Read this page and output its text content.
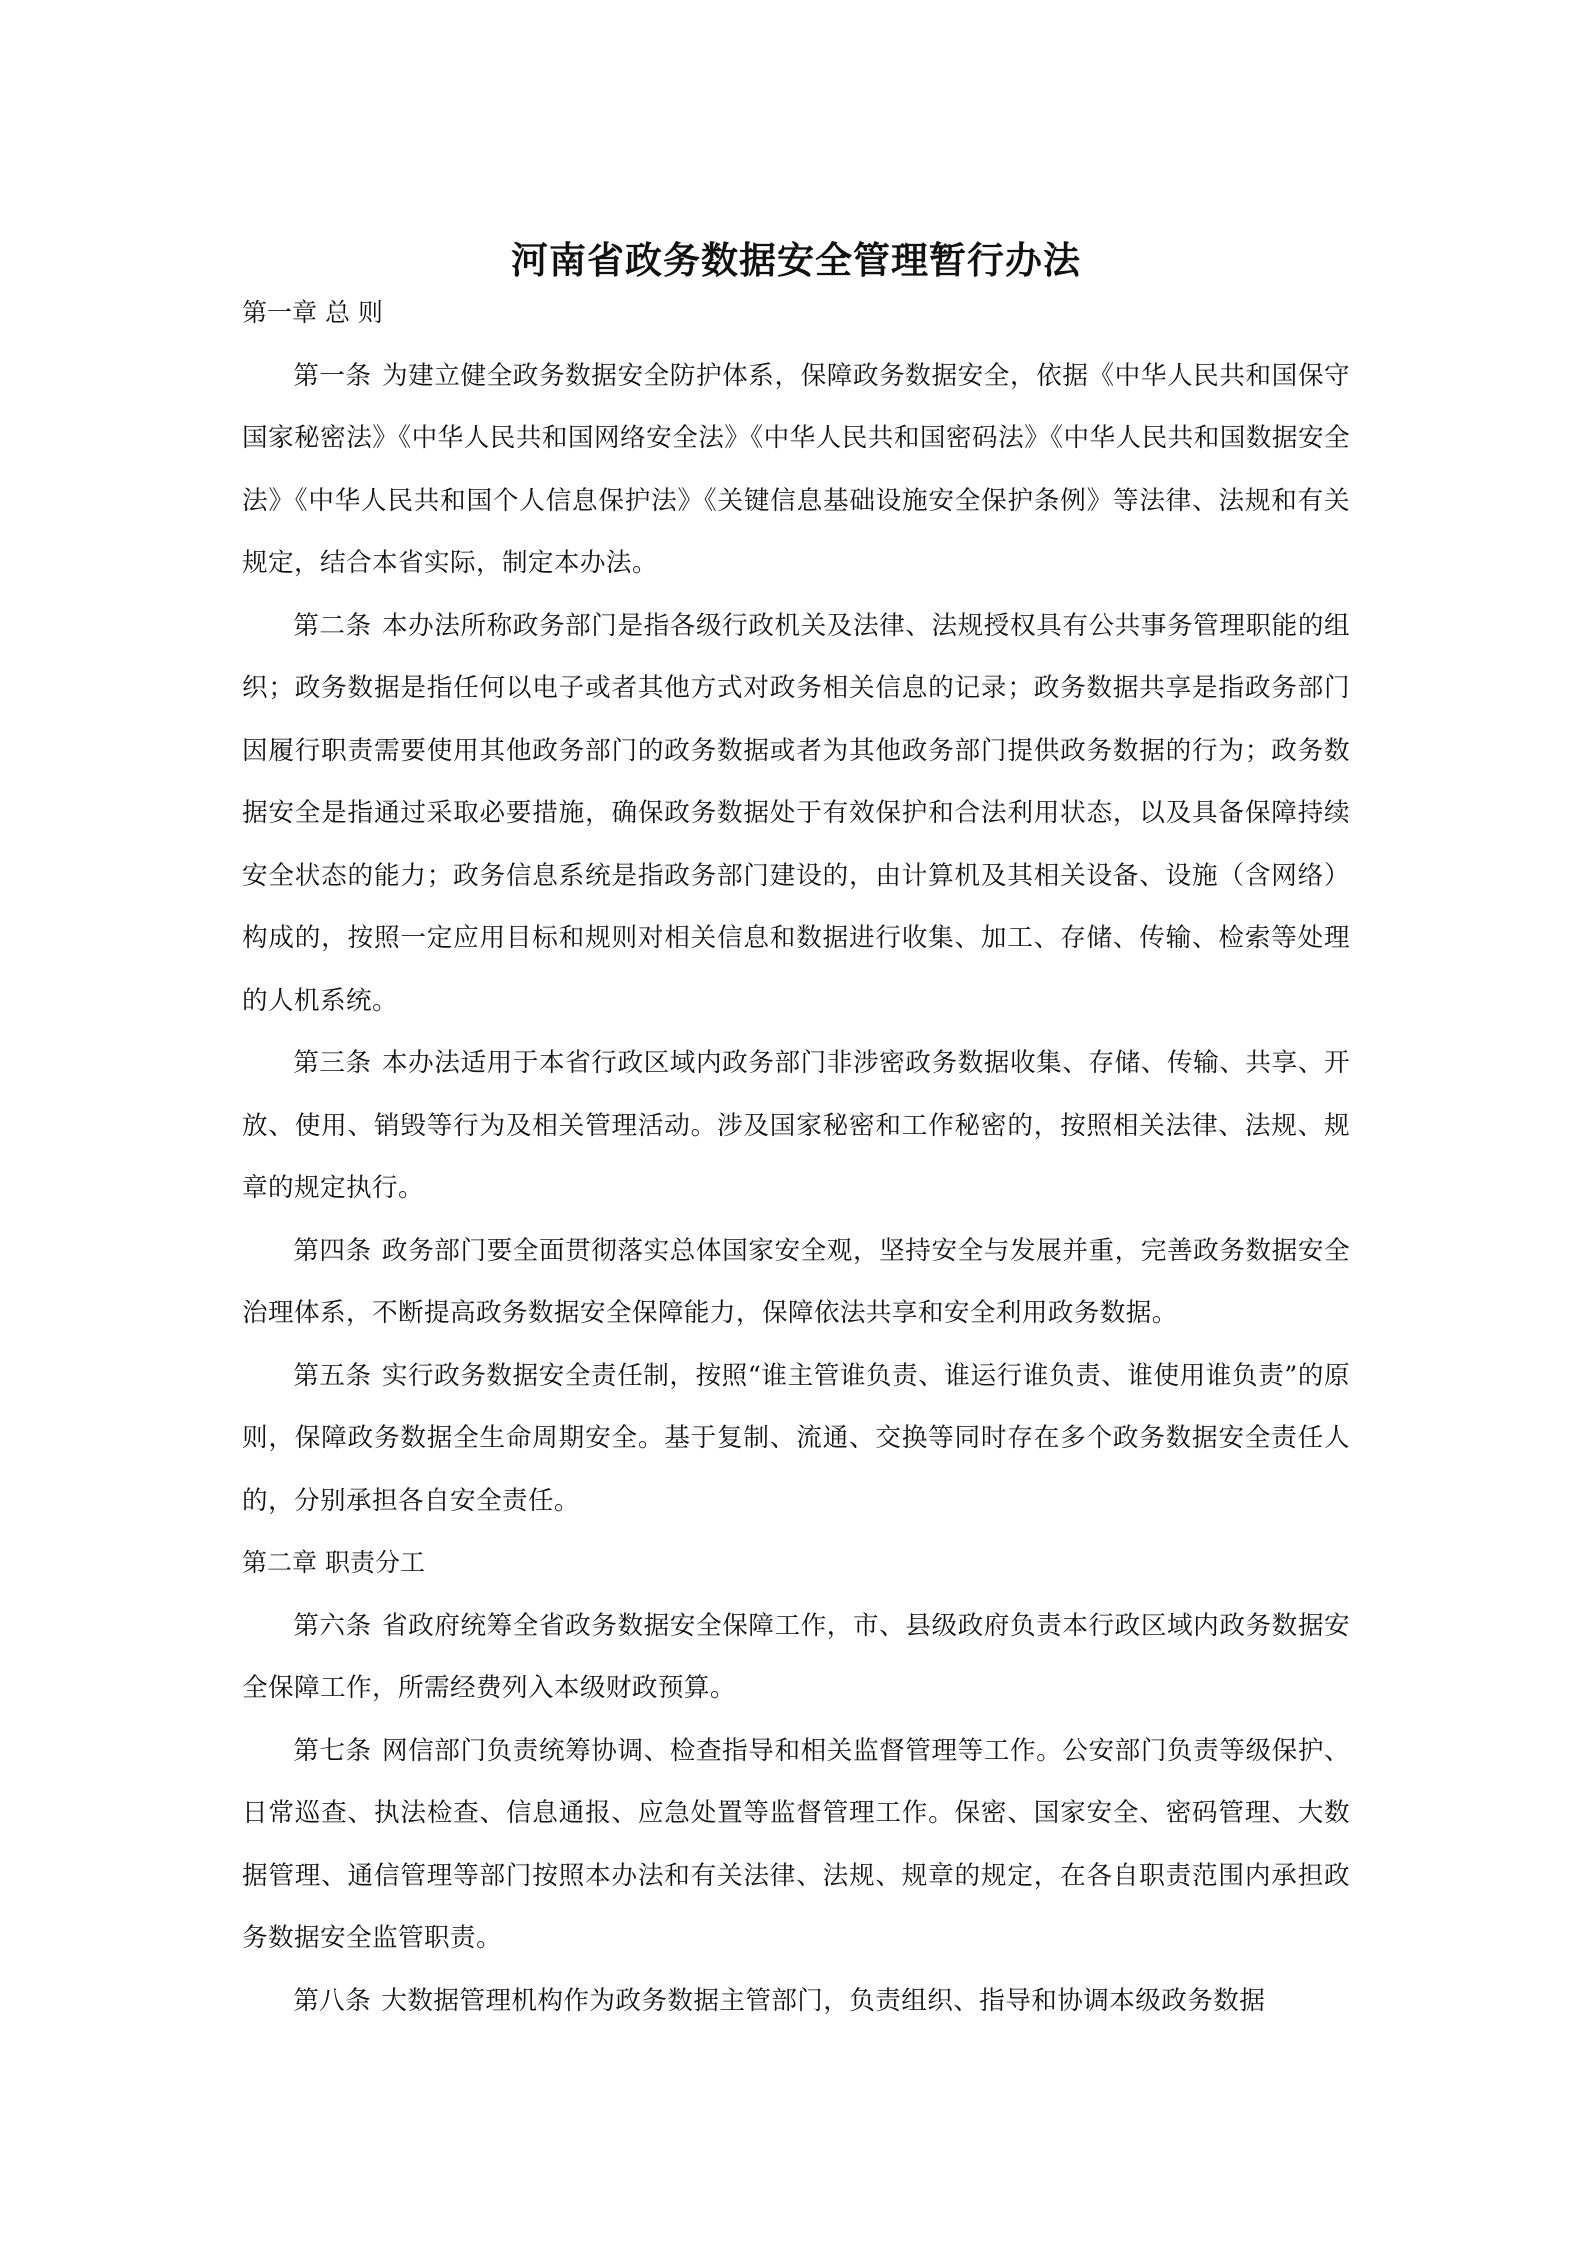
河南省政务数据安全管理暂行办法

第一章 总 则

第一条 为建立健全政务数据安全防护体系，保障政务数据安全，依据《中华人民共和国保守国家秘密法》《中华人民共和国网络安全法》《中华人民共和国密码法》《中华人民共和国数据安全法》《中华人民共和国个人信息保护法》《关键信息基础设施安全保护条例》等法律、法规和有关规定，结合本省实际，制定本办法。

第二条 本办法所称政务部门是指各级行政机关及法律、法规授权具有公共事务管理职能的组织；政务数据是指任何以电子或者其他方式对政务相关信息的记录；政务数据共享是指政务部门因履行职责需要使用其他政务部门的政务数据或者为其他政务部门提供政务数据的行为；政务数据安全是指通过采取必要措施，确保政务数据处于有效保护和合法利用状态，以及具备保障持续安全状态的能力；政务信息系统是指政务部门建设的，由计算机及其相关设备、设施（含网络）构成的，按照一定应用目标和规则对相关信息和数据进行收集、加工、存储、传输、检索等处理的人机系统。

第三条 本办法适用于本省行政区域内政务部门非涉密政务数据收集、存储、传输、共享、开放、使用、销毁等行为及相关管理活动。涉及国家秘密和工作秘密的，按照相关法律、法规、规章的规定执行。

第四条 政务部门要全面贯彻落实总体国家安全观，坚持安全与发展并重，完善政务数据安全治理体系，不断提高政务数据安全保障能力，保障依法共享和安全利用政务数据。

第五条 实行政务数据安全责任制，按照“谁主管谁负责、谁运行谁负责、谁使用谁负责”的原则，保障政务数据全生命周期安全。基于复制、流通、交换等同时存在多个政务数据安全责任人的，分别承担各自安全责任。

第二章 职责分工

第六条 省政府统筹全省政务数据安全保障工作，市、县级政府负责本行政区域内政务数据安全保障工作，所需经费列入本级财政预算。

第七条 网信部门负责统筹协调、检查指导和相关监督管理等工作。公安部门负责等级保护、日常巡查、执法检查、信息通报、应急处置等监督管理工作。保密、国家安全、密码管理、大数据管理、通信管理等部门按照本办法和有关法律、法规、规章的规定，在各自职责范围内承担政务数据安全监管职责。

第八条 大数据管理机构作为政务数据主管部门，负责组织、指导和协调本级政务数据
